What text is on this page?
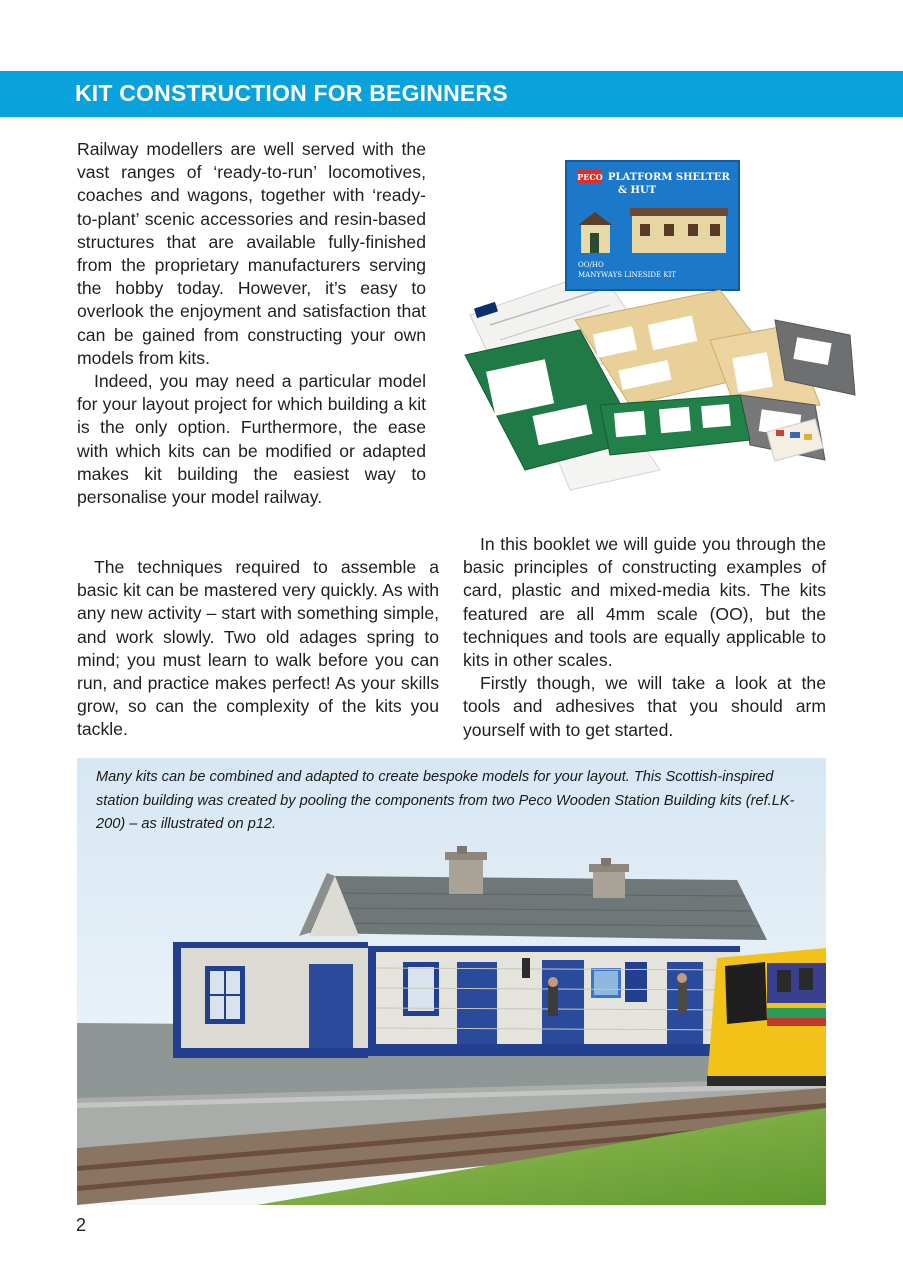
KIT CONSTRUCTION FOR BEGINNERS

Railway modellers are well served with the vast ranges of ‘ready-to-run’ locomotives, coaches and wagons, together with ‘ready-to-plant’ scenic accessories and resin-based structures that are available fully-finished from the proprietary manufacturers serving the hobby today. However, it’s easy to overlook the enjoyment and satisfaction that can be gained from constructing your own models from kits.

Indeed, you may need a particular model for your layout project for which building a kit is the only option. Furthermore, the ease with which kits can be modified or adapted makes kit building the easiest way to personalise your model railway.

The techniques required to assemble a basic kit can be mastered very quickly. As with any new activity – start with something simple, and work slowly. Two old adages spring to mind; you must learn to walk before you can run, and practice makes perfect! As your skills grow, so can the complexity of the kits you tackle.

In this booklet we will guide you through the basic principles of constructing examples of card, plastic and mixed-media kits. The kits featured are all 4mm scale (OO), but the techniques and tools are equally applicable to kits in other scales.

Firstly though, we will take a look at the tools and adhesives that you should arm yourself with to get started.

PECO PLATFORM SHELTER
& HUT
OO/HO
MANYWAYS LINESIDE KIT
Many kits can be combined and adapted to create bespoke models for your layout. This Scottish-inspired station building was created by pooling the components from two Peco Wooden Station Building kits (ref.LK-200) – as illustrated on p12.
2
